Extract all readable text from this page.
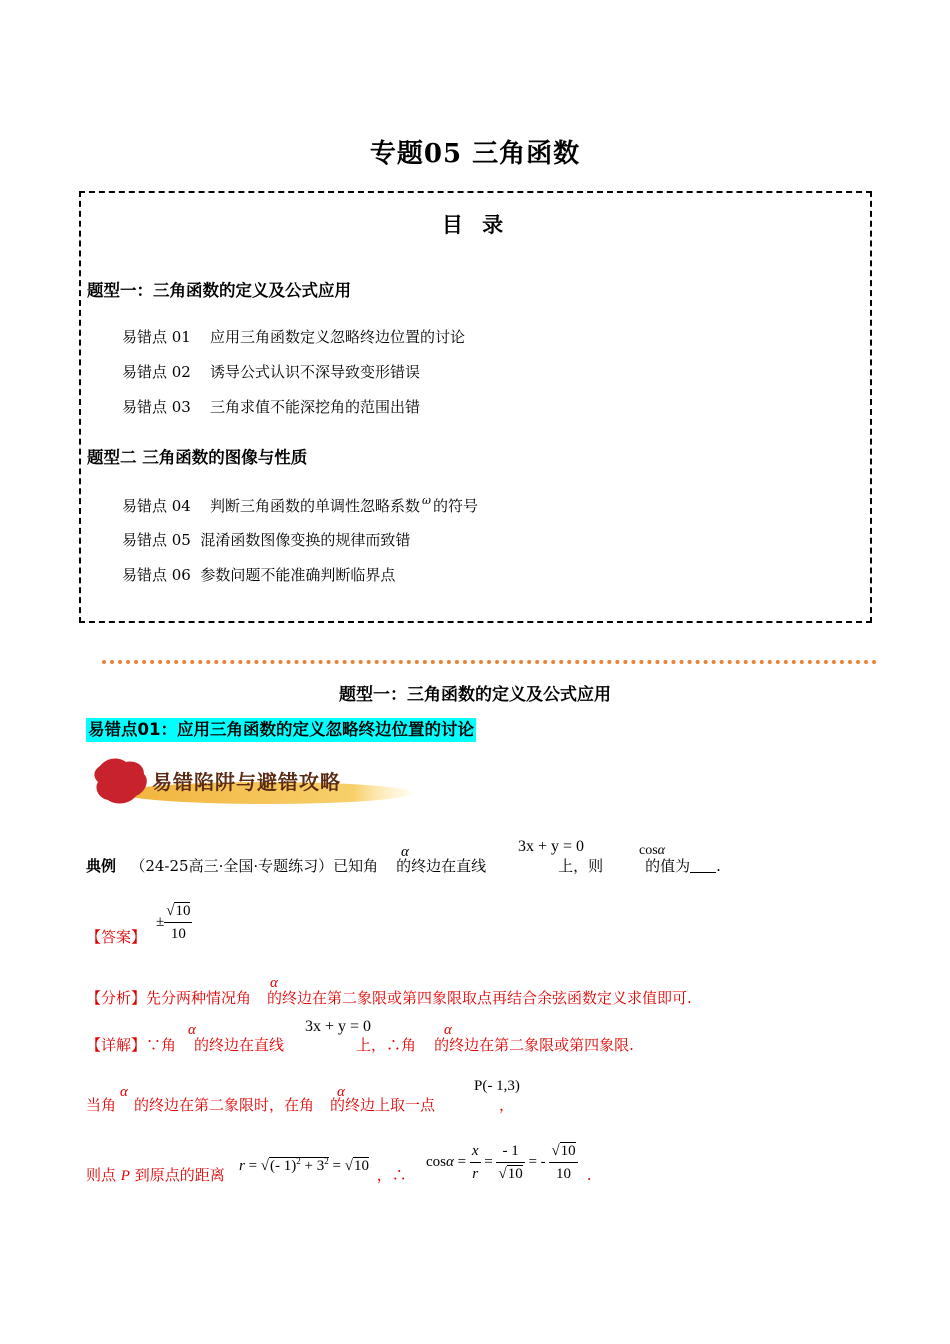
专题05 三角函数
目 录
题型一：三角函数的定义及公式应用
易错点 01 应用三角函数定义忽略终边位置的讨论
易错点 02 诱导公式认识不深导致变形错误
易错点 03 三角求值不能深挖角的范围出错
题型二 三角函数的图像与性质
易错点 04 判断三角函数的单调性忽略系数 $^\omega$ 的符号
易错点 05 混淆函数图像变换的规律而致错
易错点 06 参数问题不能准确判断临界点
题型一：三角函数的定义及公式应用
易错点01：应用三角函数的定义忽略终边位置的讨论
易错陷阱与避错攻略
典例 （24-25高三·全国·专题练习）已知角 的终边在直线	上，则	的值为 .
α	3x + y = 0	cosα
【答案】
± $\frac{√10}{10}$
【分析】先分两种情况角 的终边在第二象限或第四象限取点再结合余弦函数定义求值即可.
α
【详解】∵角 的终边在直线	上，∴角 的终边在第二象限或第四象限.
α	3x + y = 0	α
当角 的终边在第二象限时，在角 的终边上取一点	，
α	α	P(- 1,3)
则点 P 到原点的距离	，∴	.
r = √(- $1)^2 + 3^2 = √10$	$\cos\alpha = \frac{x}{r} = \frac{- 1}{√10}$ = - $\frac{√10}{10}$
